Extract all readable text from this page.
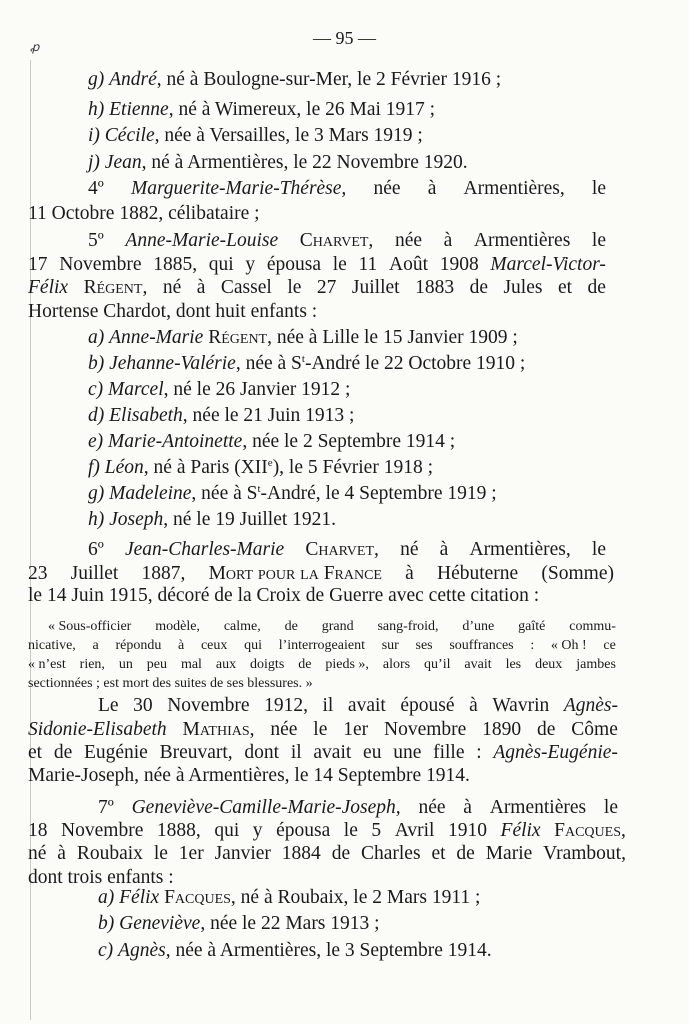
ꝓ	— 95 —
g) André, né à Boulogne-sur-Mer, le 2 Février 1916 ;
h) Etienne, né à Wimereux, le 26 Mai 1917 ;
i) Cécile, née à Versailles, le 3 Mars 1919 ;
j) Jean, né à Armentières, le 22 Novembre 1920.
4º Marguerite-Marie-Thérèse, née à Armentières, le
11 Octobre 1882, célibataire ;
5º Anne-Marie-Louise Charvet, née à Armentières le
17 Novembre 1885, qui y épousa le 11 Août 1908 Marcel-Victor-
Félix Régent, né à Cassel le 27 Juillet 1883 de Jules et de
Hortense Chardot, dont huit enfants :
a) Anne-Marie Régent, née à Lille le 15 Janvier 1909 ;
b) Jehanne-Valérie, née à $S^t$-André le 22 Octobre 1910 ;
c) Marcel, né le 26 Janvier 1912 ;
d) Elisabeth, née le 21 Juin 1913 ;
e) Marie-Antoinette, née le 2 Septembre 1914 ;
f) Léon, né à Paris (XIIe), le 5 Février 1918 ;
g) Madeleine, née à $S^t$-André, le 4 Septembre 1919 ;
h) Joseph, né le 19 Juillet 1921.
6º Jean-Charles-Marie Charvet, né à Armentières, le
23 Juillet 1887, Mort pour la France à Hébuterne (Somme)
le 14 Juin 1915, décoré de la Croix de Guerre avec cette citation :
« Sous-officier modèle, calme, de grand sang-froid, d’une gaîté commu-
nicative, a répondu à ceux qui l’interrogeaient sur ses souffrances : « Oh ! ce
« n’est rien, un peu mal aux doigts de pieds », alors qu’il avait les deux jambes
sectionnées ; est mort des suites de ses blessures. »
Le 30 Novembre 1912, il avait épousé à Wavrin Agnès-
Sidonie-Elisabeth Mathias, née le 1er Novembre 1890 de Côme
et de Eugénie Breuvart, dont il avait eu une fille : Agnès-Eugénie-
Marie-Joseph, née à Armentières, le 14 Septembre 1914.
7º Geneviève-Camille-Marie-Joseph, née à Armentières le
18 Novembre 1888, qui y épousa le 5 Avril 1910 Félix Facques,
né à Roubaix le 1er Janvier 1884 de Charles et de Marie Vrambout,
dont trois enfants :
a) Félix Facques, né à Roubaix, le 2 Mars 1911 ;
b) Geneviève, née le 22 Mars 1913 ;
c) Agnès, née à Armentières, le 3 Septembre 1914.
